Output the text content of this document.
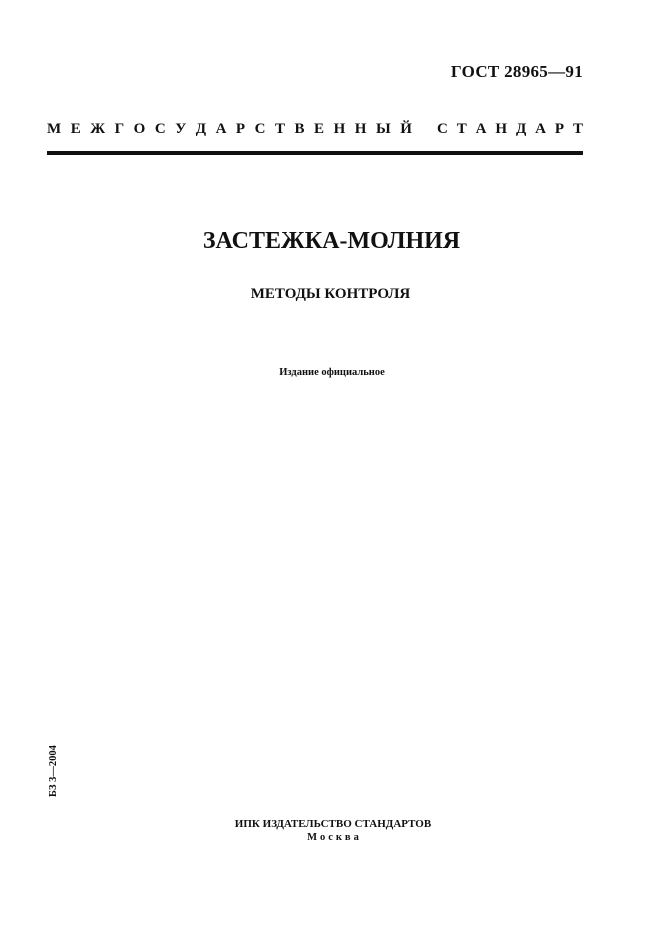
ГОСТ 28965—91
М Е Ж Г О С У Д А Р С Т В Е Н Н Ы Й С Т А Н Д А Р Т
ЗАСТЕЖКА-МОЛНИЯ
МЕТОДЫ КОНТРОЛЯ
Издание официальное
БЗ 3—2004
ИПК ИЗДАТЕЛЬСТВО СТАНДАРТОВ
Москва
